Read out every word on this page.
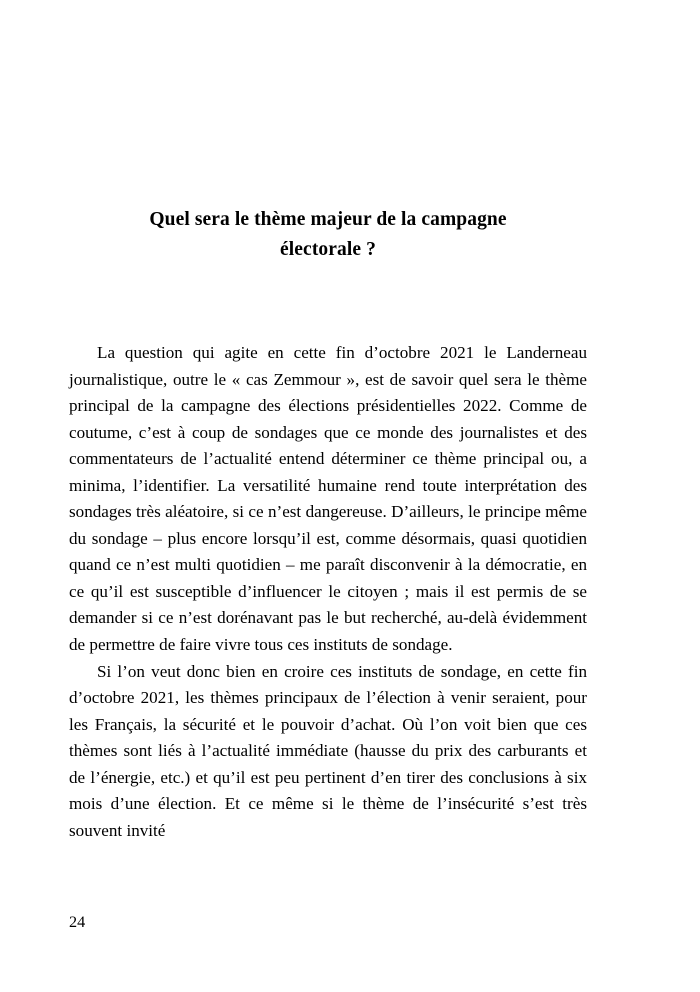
Quel sera le thème majeur de la campagne
électorale ?

La question qui agite en cette fin d’octobre 2021 le Landerneau journalistique, outre le « cas Zemmour », est de savoir quel sera le thème principal de la campagne des élections présidentielles 2022. Comme de coutume, c’est à coup de sondages que ce monde des journalistes et des commentateurs de l’actualité entend déterminer ce thème principal ou, a minima, l’identifier. La versatilité humaine rend toute interprétation des sondages très aléatoire, si ce n’est dangereuse. D’ailleurs, le principe même du sondage – plus encore lorsqu’il est, comme désormais, quasi quotidien quand ce n’est multi quotidien – me paraît disconvenir à la démocratie, en ce qu’il est susceptible d’influencer le citoyen ; mais il est permis de se demander si ce n’est dorénavant pas le but recherché, au-delà évidemment de permettre de faire vivre tous ces instituts de sondage.

Si l’on veut donc bien en croire ces instituts de sondage, en cette fin d’octobre 2021, les thèmes principaux de l’élection à venir seraient, pour les Français, la sécurité et le pouvoir d’achat. Où l’on voit bien que ces thèmes sont liés à l’actualité immédiate (hausse du prix des carburants et de l’énergie, etc.) et qu’il est peu pertinent d’en tirer des conclusions à six mois d’une élection. Et ce même si le thème de l’insécurité s’est très souvent invité

24
